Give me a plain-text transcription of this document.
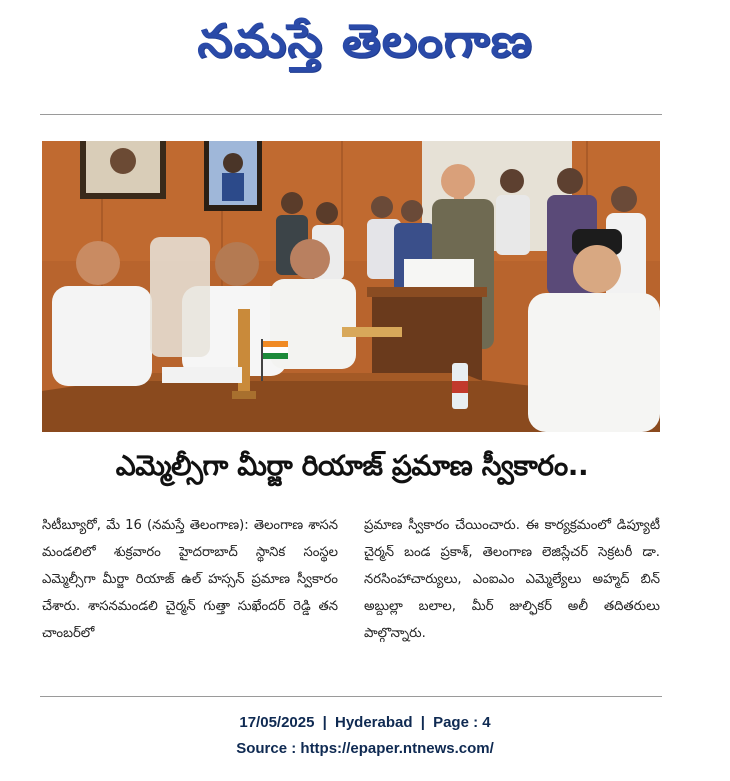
నమస్తే తెలంగాణ
ఎమ్మెల్సీగా మీర్జా రియాజ్ ప్రమాణ స్వీకారం..

సిటీబ్యూరో, మే 16 (నమస్తే తెలంగాణ): తెలంగాణ శాసన మండలిలో శుక్రవారం హైదరాబాద్ స్థానిక సంస్థల ఎమ్మెల్సీగా మీర్జా రియాజ్ ఉల్ హస్సన్ ప్రమాణ స్వీకారం చేశారు. శాసనమండలి చైర్మన్ గుత్తా సుఖేందర్ రెడ్డి తన చాంబర్‌లో

ప్రమాణ స్వీకారం చేయించారు. ఈ కార్యక్రమంలో డిప్యూటీ చైర్మన్ బండ ప్రకాశ్, తెలంగాణ లెజిస్లేచర్ సెక్రటరీ డా. నరసింహాచార్యులు, ఎంఐఎం ఎమ్మెల్యేలు అహ్మద్ బిన్ అబ్దుల్లా బలాల, మీర్ జుల్ఫికర్ అలీ తదితరులు పాల్గొన్నారు.

17/05/2025 | Hyderabad | Page : 4
Source : https://epaper.ntnews.com/
